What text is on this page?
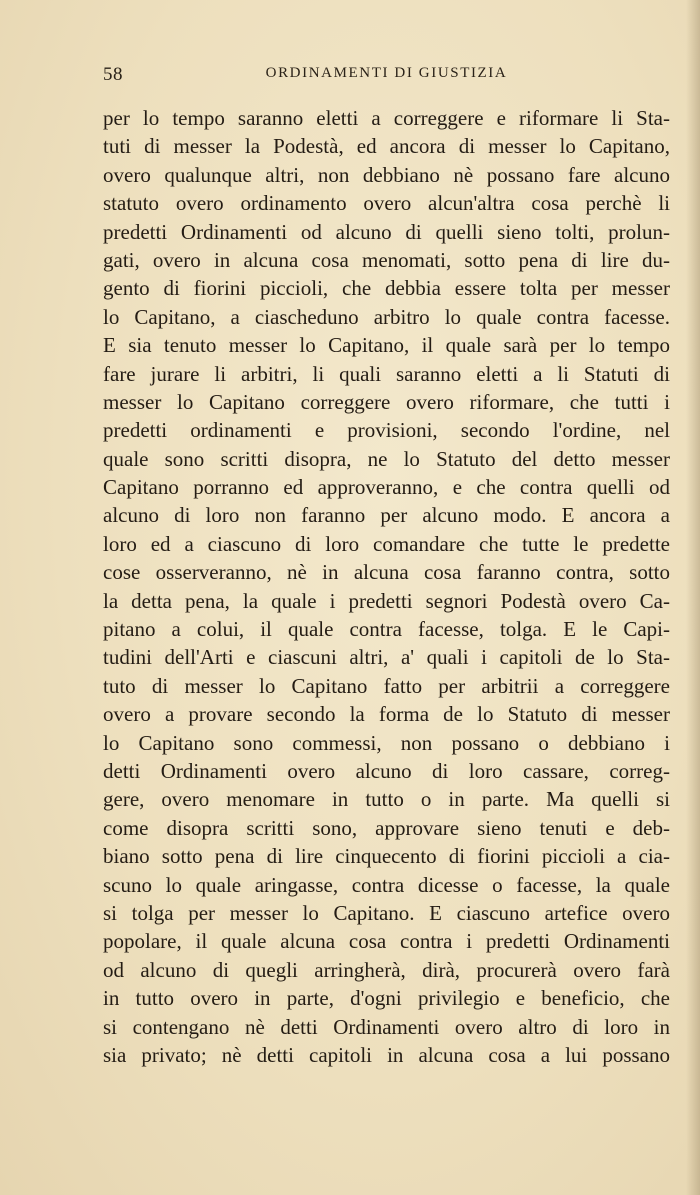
58	ORDINAMENTI DI GIUSTIZIA
per lo tempo saranno eletti a correggere e riformare li Sta-
tuti di messer la Podestà, ed ancora di messer lo Capitano,
overo qualunque altri, non debbiano nè possano fare alcuno
statuto overo ordinamento overo alcun'altra cosa perchè li
predetti Ordinamenti od alcuno di quelli sieno tolti, prolun-
gati, overo in alcuna cosa menomati, sotto pena di lire du-
gento di fiorini piccioli, che debbia essere tolta per messer
lo Capitano, a ciascheduno arbitro lo quale contra facesse.
E sia tenuto messer lo Capitano, il quale sarà per lo tempo
fare jurare li arbitri, li quali saranno eletti a li Statuti di
messer lo Capitano correggere overo riformare, che tutti i
predetti ordinamenti e provisioni, secondo l'ordine, nel
quale sono scritti disopra, ne lo Statuto del detto messer
Capitano porranno ed approveranno, e che contra quelli od
alcuno di loro non faranno per alcuno modo. E ancora a
loro ed a ciascuno di loro comandare che tutte le predette
cose osserveranno, nè in alcuna cosa faranno contra, sotto
la detta pena, la quale i predetti segnori Podestà overo Ca-
pitano a colui, il quale contra facesse, tolga. E le Capi-
tudini dell'Arti e ciascuni altri, a' quali i capitoli de lo Sta-
tuto di messer lo Capitano fatto per arbitrii a correggere
overo a provare secondo la forma de lo Statuto di messer
lo Capitano sono commessi, non possano o debbiano i
detti Ordinamenti overo alcuno di loro cassare, correg-
gere, overo menomare in tutto o in parte. Ma quelli si
come disopra scritti sono, approvare sieno tenuti e deb-
biano sotto pena di lire cinquecento di fiorini piccioli a cia-
scuno lo quale aringasse, contra dicesse o facesse, la quale
si tolga per messer lo Capitano. E ciascuno artefice overo
popolare, il quale alcuna cosa contra i predetti Ordinamenti
od alcuno di quegli arringherà, dirà, procurerà overo farà
in tutto overo in parte, d'ogni privilegio e beneficio, che
si contengano nè detti Ordinamenti overo altro di loro in
sia privato; nè detti capitoli in alcuna cosa a lui possano
